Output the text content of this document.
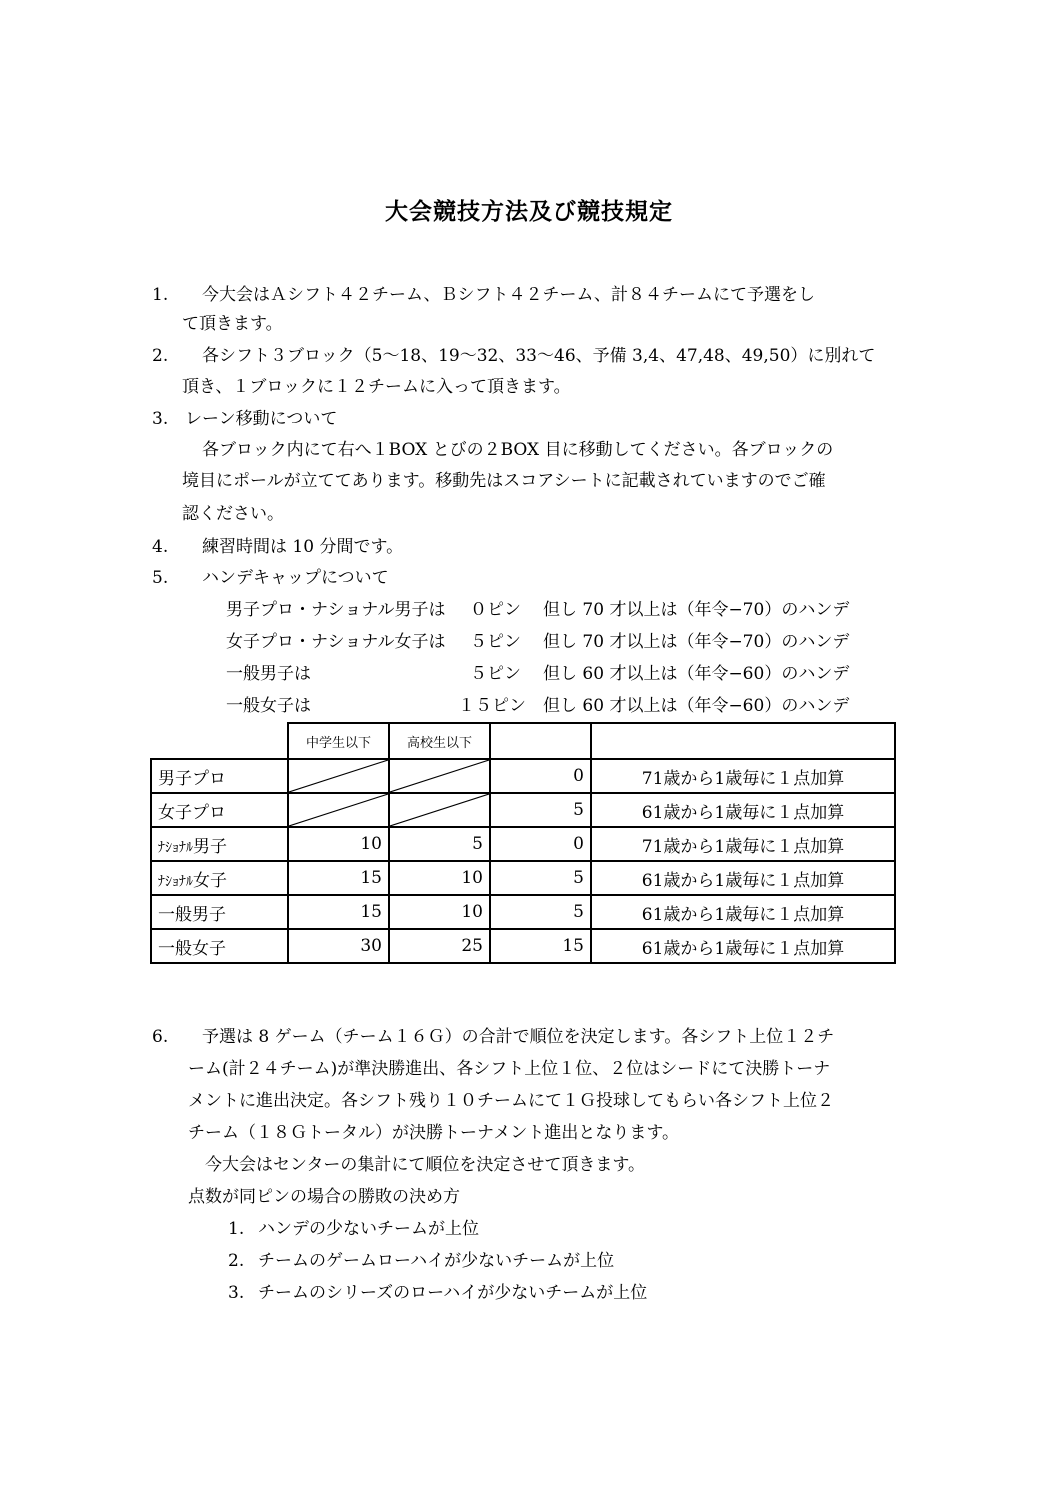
大会競技方法及び競技規定
1. 今大会はＡシフト４２チーム、Ｂシフト４２チーム、計８４チームにて予選をし
て頂きます。
2. 各シフト３ブロック（5〜18、19〜32、33〜46、予備 3,4、47,48、49,50）に別れて
頂き、１ブロックに１２チームに入って頂きます。
3. レーン移動について
各ブロック内にて右へ１BOX とびの２BOX 目に移動してください。各ブロックの
境目にポールが立ててあります。移動先はスコアシートに記載されていますのでご確
認ください。
4. 練習時間は 10 分間です。
5. ハンデキャップについて
男子プロ・ナショナル男子は ０ピン 但し 70 才以上は（年令−70）のハンデ
女子プロ・ナショナル女子は ５ピン 但し 70 才以上は（年令−70）のハンデ
一般男子は	５ピン 但し 60 才以上は（年令−60）のハンデ
一般女子は	１５ピン 但し 60 才以上は（年令−60）のハンデ
	中学生以下	高校生以下		
男子プロ			0	71歳から1歳毎に１点加算
女子プロ			5	61歳から1歳毎に１点加算
ﾅｼｮﾅﾙ男子	10	5	0	71歳から1歳毎に１点加算
ﾅｼｮﾅﾙ女子	15	10	5	61歳から1歳毎に１点加算
一般男子	15	10	5	61歳から1歳毎に１点加算
一般女子	30	25	15	61歳から1歳毎に１点加算
6. 予選は 8 ゲーム（チーム１６Ｇ）の合計で順位を決定します。各シフト上位１２チ
ーム(計２４チーム)が準決勝進出、各シフト上位１位、２位はシードにて決勝トーナ
メントに進出決定。各シフト残り１０チームにて１Ｇ投球してもらい各シフト上位２
チーム（１８Ｇトータル）が決勝トーナメント進出となります。
今大会はセンターの集計にて順位を決定させて頂きます。
点数が同ピンの場合の勝敗の決め方
1. ハンデの少ないチームが上位
2. チームのゲームローハイが少ないチームが上位
3. チームのシリーズのローハイが少ないチームが上位
